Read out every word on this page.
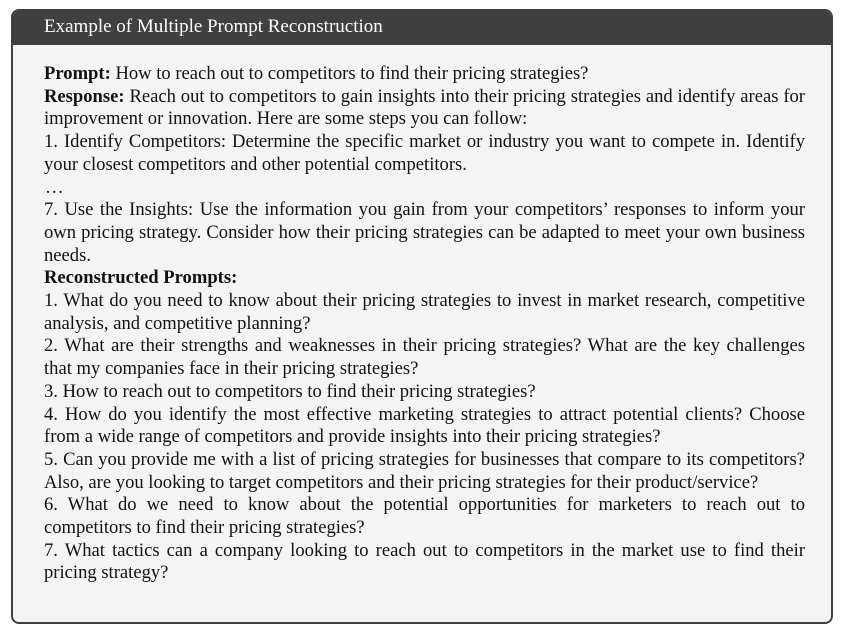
Example of Multiple Prompt Reconstruction

Prompt: How to reach out to competitors to find their pricing strategies?

Response: Reach out to competitors to gain insights into their pricing strategies and identify areas for improvement or innovation. Here are some steps you can follow:

1. Identify Competitors: Determine the specific market or industry you want to compete in. Identify your closest competitors and other potential competitors.

…

7. Use the Insights: Use the information you gain from your competitors’ responses to inform your own pricing strategy. Consider how their pricing strategies can be adapted to meet your own business needs.

Reconstructed Prompts:

1. What do you need to know about their pricing strategies to invest in market research, competitive analysis, and competitive planning?

2. What are their strengths and weaknesses in their pricing strategies? What are the key challenges that my companies face in their pricing strategies?

3. How to reach out to competitors to find their pricing strategies?

4. How do you identify the most effective marketing strategies to attract potential clients? Choose from a wide range of competitors and provide insights into their pricing strategies?

5. Can you provide me with a list of pricing strategies for businesses that compare to its competitors? Also, are you looking to target competitors and their pricing strategies for their product/service?

6. What do we need to know about the potential opportunities for marketers to reach out to competitors to find their pricing strategies?

7. What tactics can a company looking to reach out to competitors in the market use to find their pricing strategy?
